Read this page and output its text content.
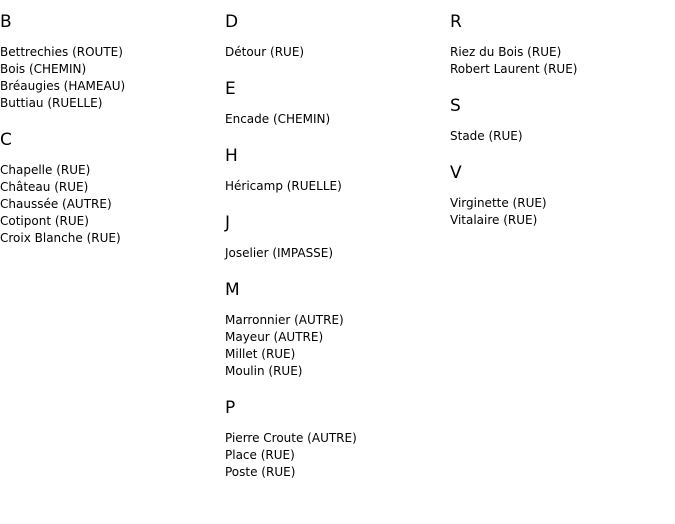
B
Bettrechies (ROUTE)
Bois (CHEMIN)
Bréaugies (HAMEAU)
Buttiau (RUELLE)
C
Chapelle (RUE)
Château (RUE)
Chaussée (AUTRE)
Cotipont (RUE)
Croix Blanche (RUE)
D
Détour (RUE)
E
Encade (CHEMIN)
H
Héricamp (RUELLE)
J
Joselier (IMPASSE)
M
Marronnier (AUTRE)
Mayeur (AUTRE)
Millet (RUE)
Moulin (RUE)
P
Pierre Croute (AUTRE)
Place (RUE)
Poste (RUE)
R
Riez du Bois (RUE)
Robert Laurent (RUE)
S
Stade (RUE)
V
Virginette (RUE)
Vitalaire (RUE)
